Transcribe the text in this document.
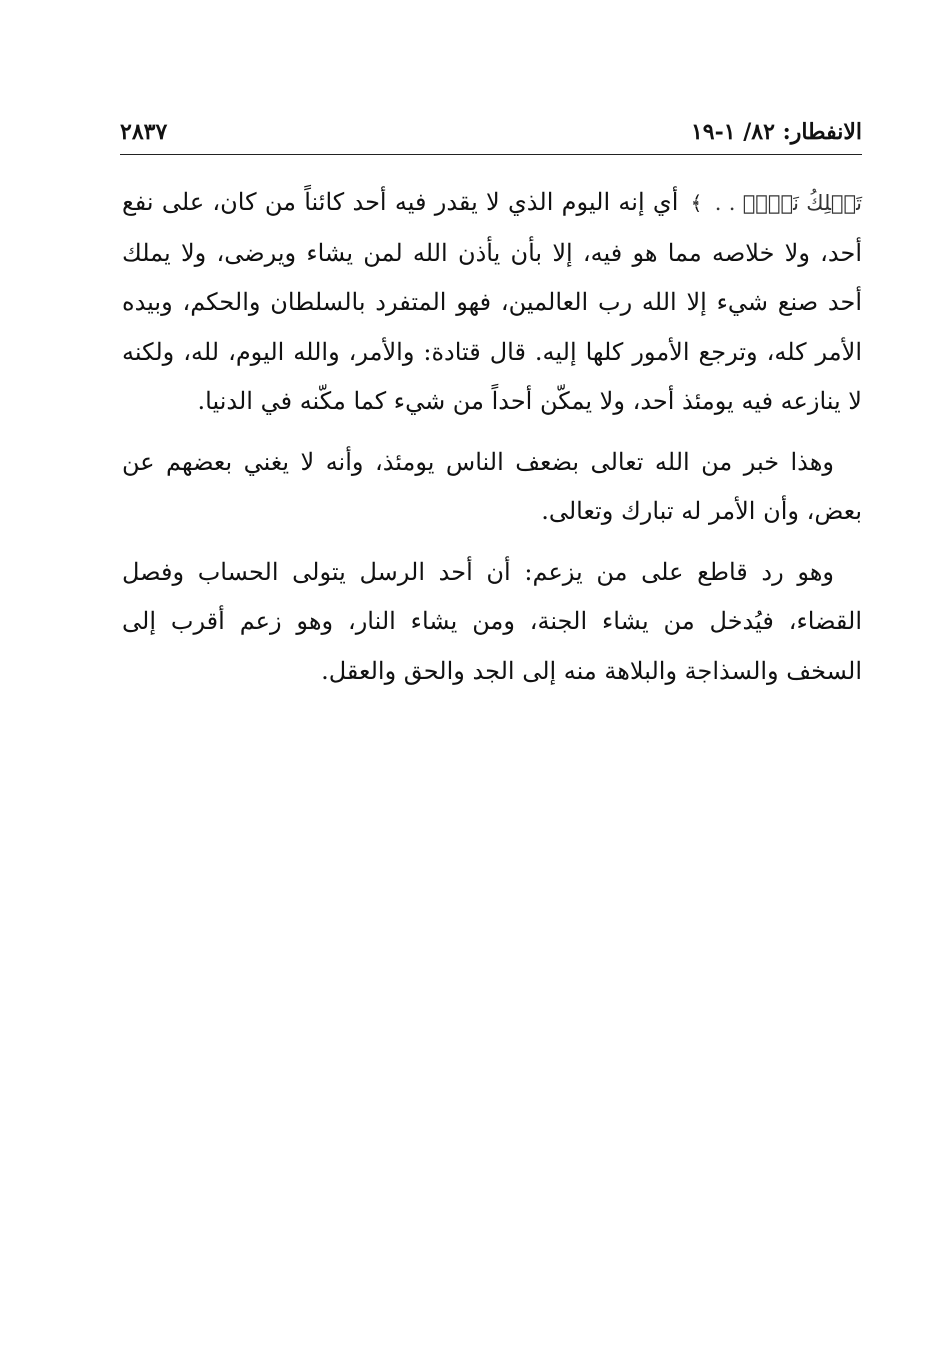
الانفطار: ٨٢/ ١-١٩
٢٨٣٧

تَمۡلِكُ نَفۡسٞ . . ﴾ أي إنه اليوم الذي لا يقدر فيه أحد كائناً من كان، على نفع أحد، ولا خلاصه مما هو فيه، إلا بأن يأذن الله لمن يشاء ويرضى، ولا يملك أحد صنع شيء إلا الله رب العالمين، فهو المتفرد بالسلطان والحكم، وبيده الأمر كله، وترجع الأمور كلها إليه. قال قتادة: والأمر، والله اليوم، لله، ولكنه لا ينازعه فيه يومئذ أحد، ولا يمكّن أحداً من شيء كما مكّنه في الدنيا.

وهذا خبر من الله تعالى بضعف الناس يومئذ، وأنه لا يغني بعضهم عن بعض، وأن الأمر له تبارك وتعالى.

وهو رد قاطع على من يزعم: أن أحد الرسل يتولى الحساب وفصل القضاء، فيُدخل من يشاء الجنة، ومن يشاء النار، وهو زعم أقرب إلى السخف والسذاجة والبلاهة منه إلى الجد والحق والعقل.
